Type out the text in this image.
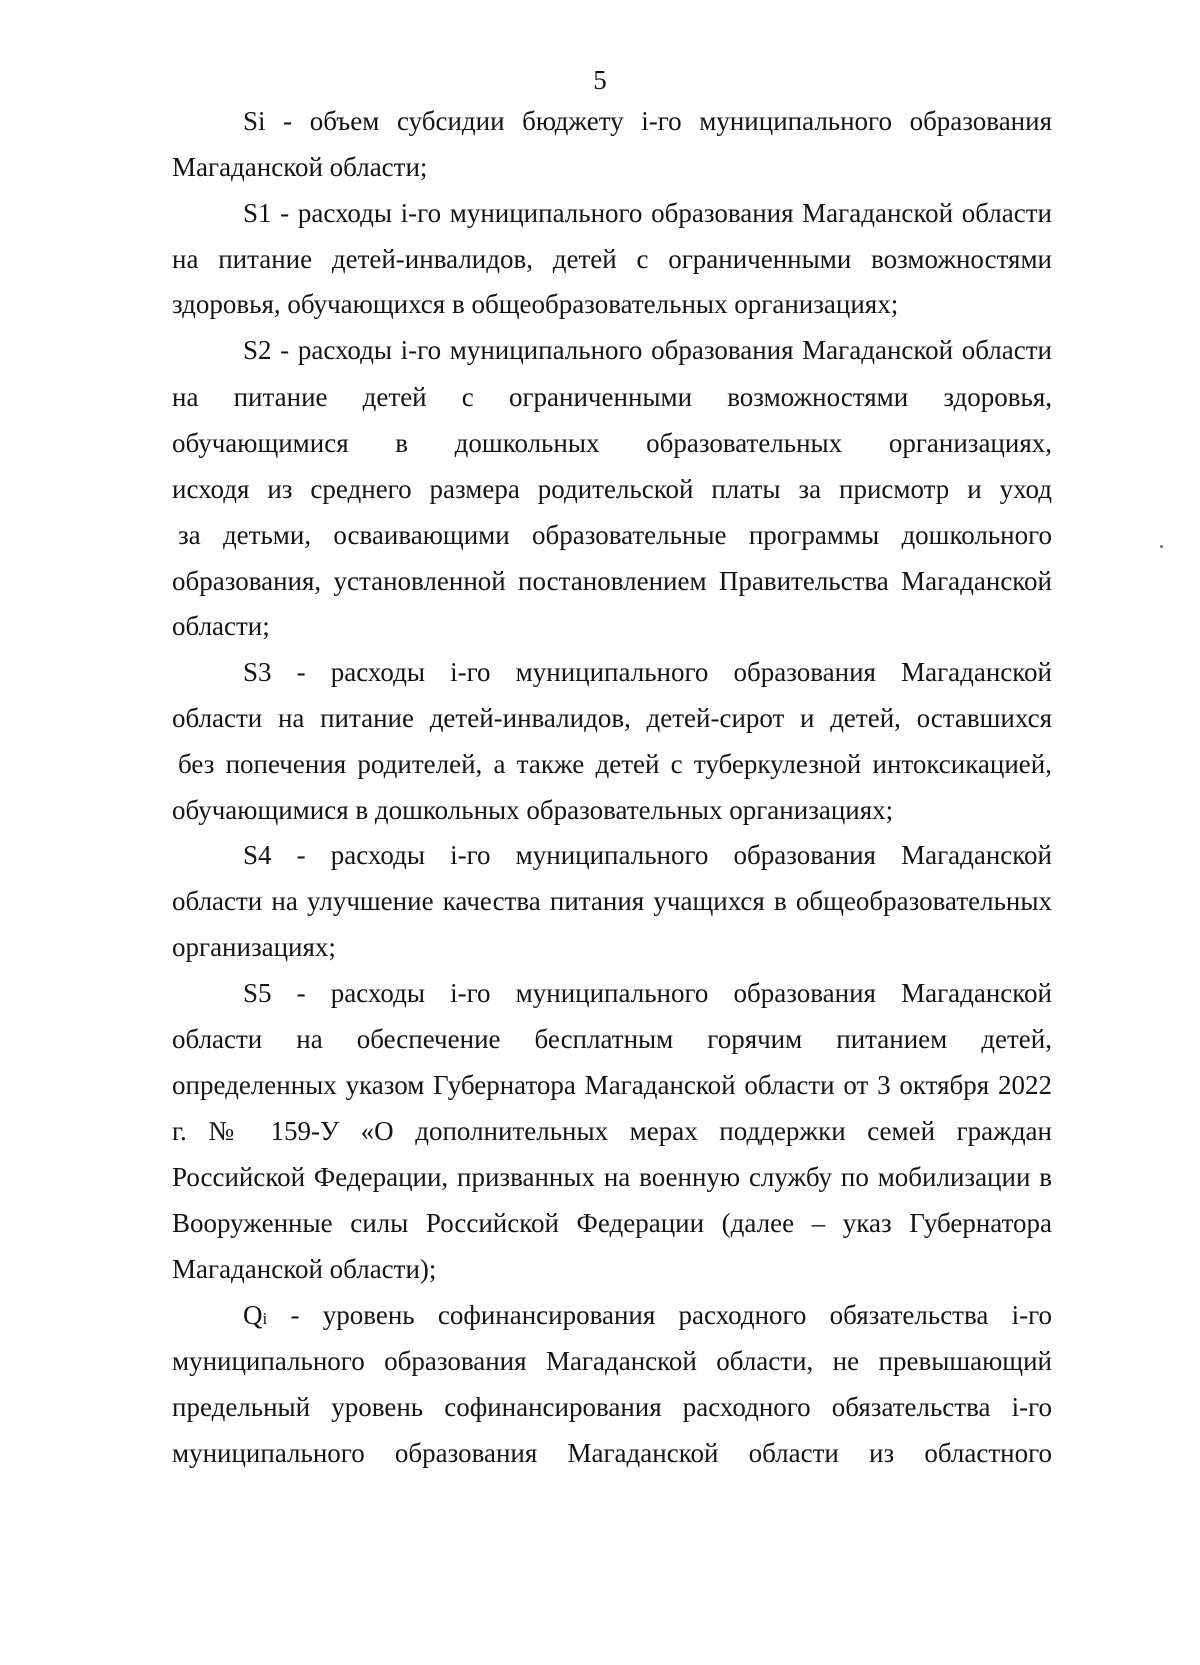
5
Si - объем субсидии бюджету i-го муниципального образования
Магаданской области;
S1 - расходы i-го муниципального образования Магаданской области
на питание детей-инвалидов, детей с ограниченными возможностями
здоровья, обучающихся в общеобразовательных организациях;
S2 - расходы i-го муниципального образования Магаданской области
на питание детей с ограниченными возможностями здоровья,
обучающимися в дошкольных образовательных организациях,
исходя из среднего размера родительской платы за присмотр и уход
за детьми, осваивающими образовательные программы дошкольного
образования, установленной постановлением Правительства Магаданской
области;
S3 - расходы i-го муниципального образования Магаданской
области на питание детей-инвалидов, детей-сирот и детей, оставшихся
без попечения родителей, а также детей с туберкулезной интоксикацией,
обучающимися в дошкольных образовательных организациях;
S4 - расходы i-го муниципального образования Магаданской
области на улучшение качества питания учащихся в общеобразовательных
организациях;
S5 - расходы i-го муниципального образования Магаданской
области на обеспечение бесплатным горячим питанием детей,
определенных указом Губернатора Магаданской области от 3 октября 2022
г. № 159-У «О дополнительных мерах поддержки семей граждан
Российской Федерации, призванных на военную службу по мобилизации в
Вооруженные силы Российской Федерации (далее – указ Губернатора
Магаданской области);
Qi - уровень софинансирования расходного обязательства i-го
муниципального образования Магаданской области, не превышающий
предельный уровень софинансирования расходного обязательства i-го
муниципального образования Магаданской области из областного
